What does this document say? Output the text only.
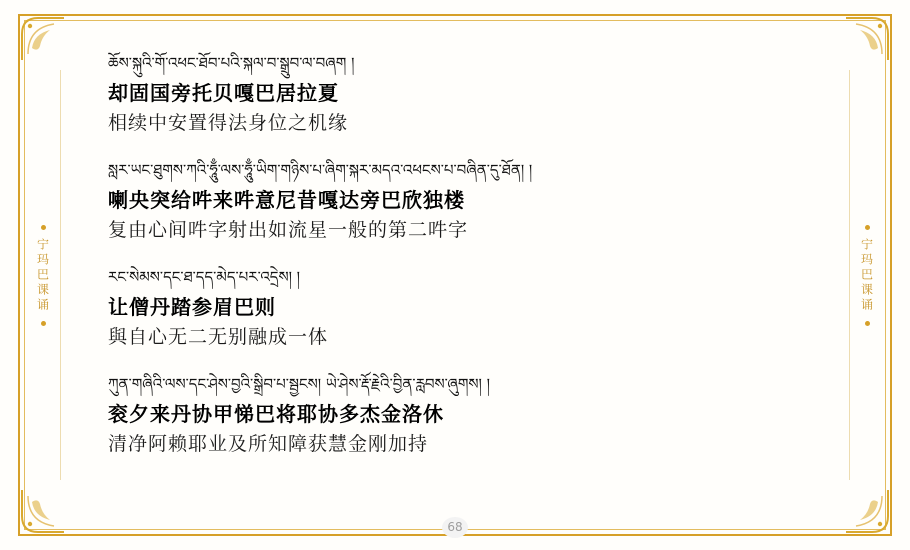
宁玛巴课诵	宁玛巴课诵
ཆོས་སྐུའི་གོ་འཕང་ཐོབ་པའི་སྐལ་བ་སྒྲུབ་ལ་བཞག །
却固国旁托贝嘎巴居拉夏
相续中安置得法身位之机缘
སླར་ཡང་ཐུགས་ཀའི་ཧཱུྃ་ལས་ཧཱུྃ་ཡིག་གཉིས་པ་ཞིག་སྐར་མདའ་འཕངས་པ་བཞིན་དུ་ཐོན། །
喇央突给吽来吽意尼昔嘎达旁巴欣独楼
复由心间吽字射出如流星一般的第二吽字
རང་སེམས་དང་ཐ་དད་མེད་པར་འདྲེས། །
让僧丹踏参眉巴则
與自心无二无别融成一体
ཀུན་གཞིའི་ལས་དང་ཤེས་བྱའི་སྒྲིབ་པ་སྦྱངས། ཡེ་ཤེས་རྡོ་རྗེའི་བྱིན་རླབས་ཞུགས། །
衮夕来丹协甲悌巴将耶协多杰金洛休
清净阿赖耶业及所知障获慧金刚加持
68
